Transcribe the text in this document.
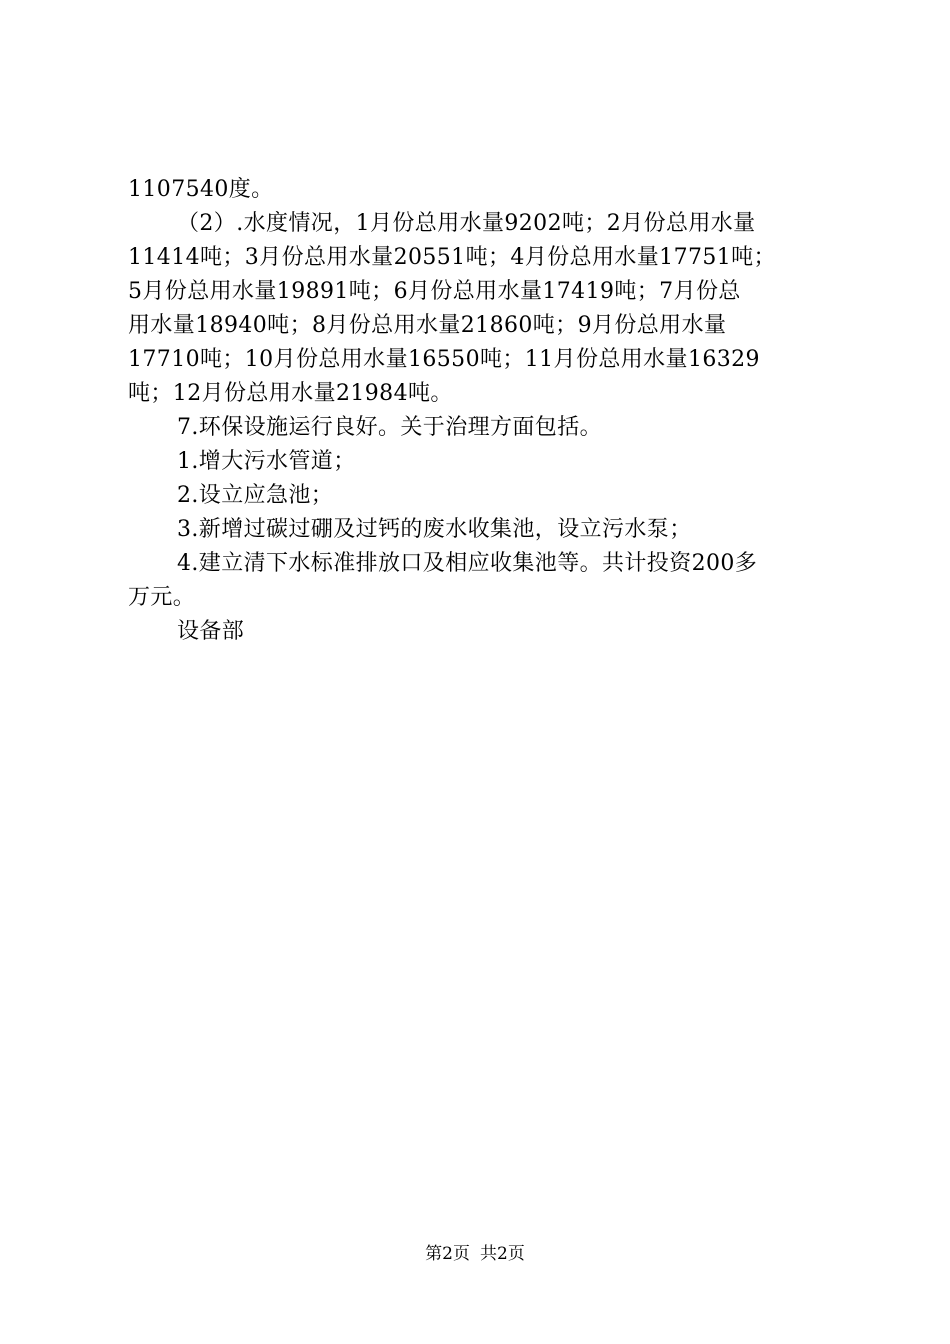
1107540度。

（2）.水度情况，1月份总用水量9202吨；2月份总用水量
11414吨；3月份总用水量20551吨；4月份总用水量17751吨；
5月份总用水量19891吨；6月份总用水量17419吨；7月份总
用水量18940吨；8月份总用水量21860吨；9月份总用水量
17710吨；10月份总用水量16550吨；11月份总用水量16329
吨；12月份总用水量21984吨。

7.环保设施运行良好。关于治理方面包括。

1.增大污水管道；

2.设立应急池；

3.新增过碳过硼及过钙的废水收集池，设立污水泵；

4.建立清下水标准排放口及相应收集池等。共计投资200多
万元。

设备部

第2页 共2页
